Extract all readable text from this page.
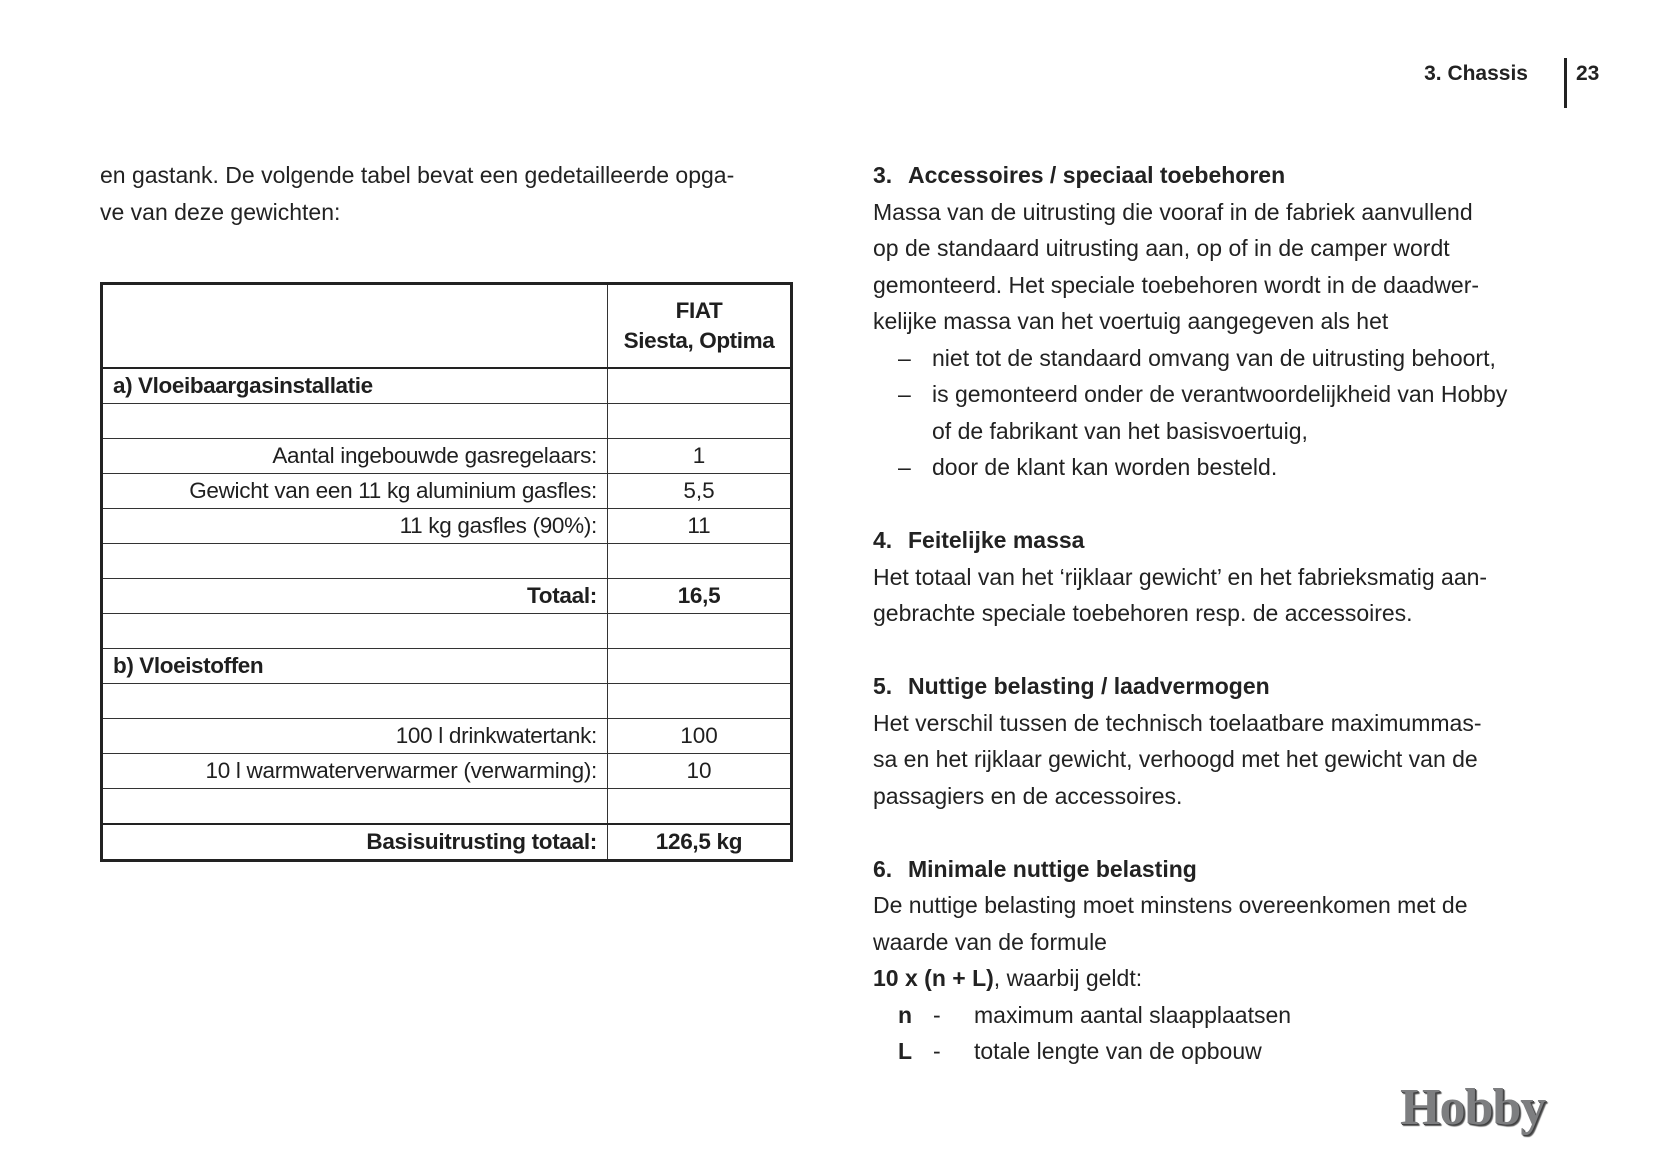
3. Chassis 23
en gastank. De volgende tabel bevat een gedetailleerde opga-
ve van deze gewichten:

	FIAT
Siesta, Optima

a) Vloeibaargasinstallatie	

Aantal ingebouwde gasregelaars:	1
Gewicht van een 11 kg aluminium gasfles:	5,5
11 kg gasfles (90%):	11

Totaal:	16,5

b) Vloeistoffen	

100 l drinkwatertank:	100
10 l warmwaterverwarmer (verwarming):	10

Basisuitrusting totaal:	126,5 kg
3. Accessoires / speciaal toebehoren

Massa van de uitrusting die vooraf in de fabriek aanvullend

op de standaard uitrusting aan, op of in de camper wordt

gemonteerd. Het speciale toebehoren wordt in de daadwer-

kelijke massa van het voertuig aangegeven als het

– niet tot de standaard omvang van de uitrusting behoort,
– is gemonteerd onder de verantwoordelijkheid van Hobby
of de fabrikant van het basisvoertuig,
– door de klant kan worden besteld.
4. Feitelijke massa

Het totaal van het ‘rijklaar gewicht’ en het fabrieksmatig aan-

gebrachte speciale toebehoren resp. de accessoires.

5. Nuttige belasting / laadvermogen

Het verschil tussen de technisch toelaatbare maximummas-

sa en het rijklaar gewicht, verhoogd met het gewicht van de

passagiers en de accessoires.

6. Minimale nuttige belasting

De nuttige belasting moet minstens overeenkomen met de

waarde van de formule

10 x (n + L), waarbij geldt:

n - maximum aantal slaapplaatsen
L - totale lengte van de opbouw
Hobby
